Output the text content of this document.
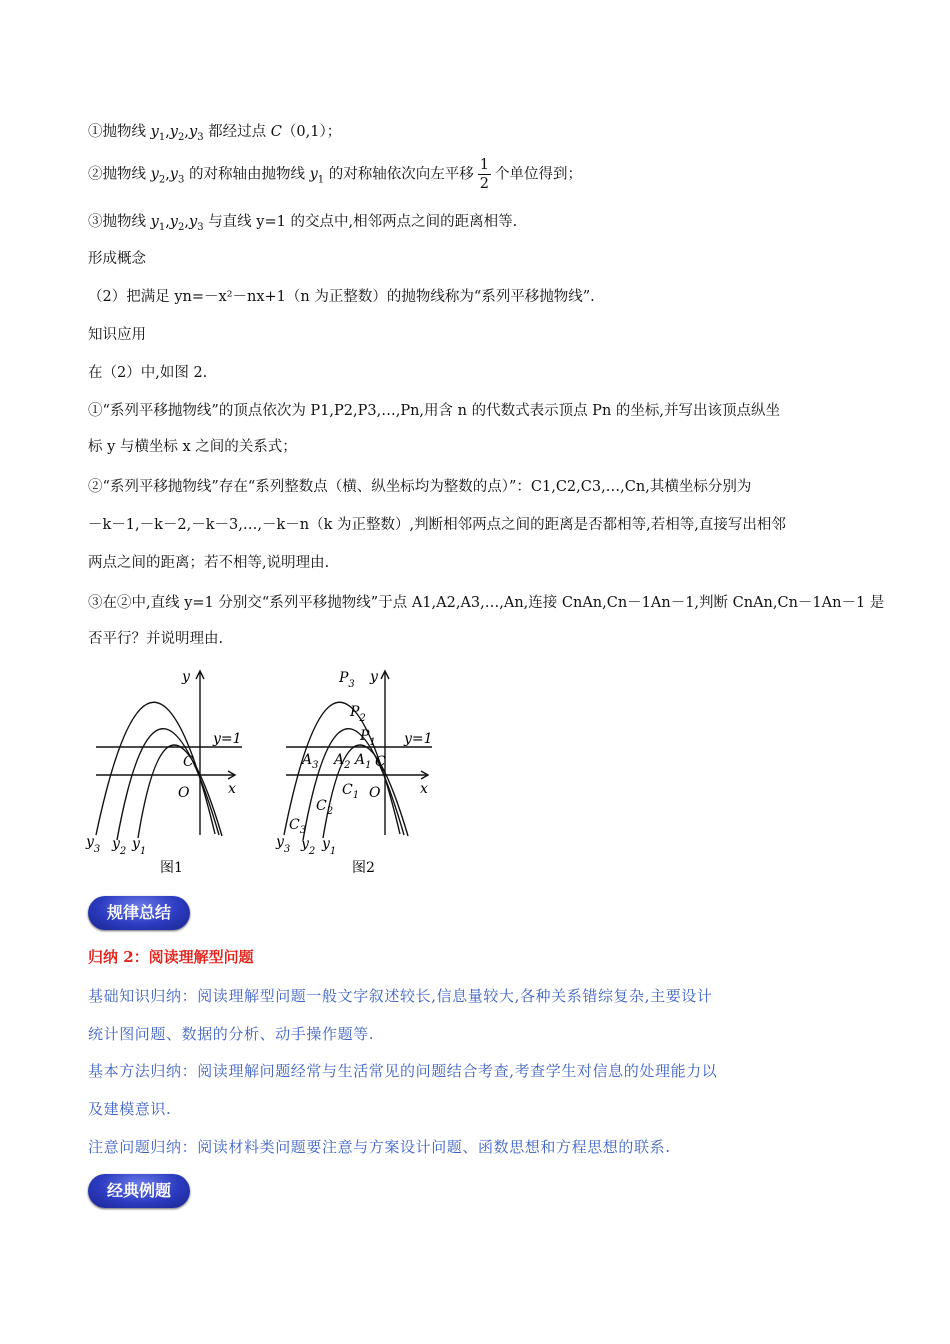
①抛物线 $y_1,y_2,y_3$ 都经过点 C（0,1）；
②抛物线 $y_2,y_3$ 的对称轴由抛物线 $y_1$ 的对称轴依次向左平移 $\frac{1}{2}$ 个单位得到；
③抛物线 $y_1,y_2,y_3$ 与直线 y=1 的交点中,相邻两点之间的距离相等.
形成概念
（2）把满足 yn=－x²－nx+1（n 为正整数）的抛物线称为“系列平移抛物线”.
知识应用
在（2）中,如图 2.
①“系列平移抛物线”的顶点依次为 P1,P2,P3,…,Pn,用含 n 的代数式表示顶点 Pn 的坐标,并写出该顶点纵坐
标 y 与横坐标 x 之间的关系式；
②“系列平移抛物线”存在“系列整数点（横、纵坐标均为整数的点）”：C1,C2,C3,…,Cn,其横坐标分别为
－k－1,－k－2,－k－3,…,－k－n（k 为正整数）,判断相邻两点之间的距离是否都相等,若相等,直接写出相邻
两点之间的距离；若不相等,说明理由.
③在②中,直线 y=1 分别交“系列平移抛物线”于点 A1,A2,A3,…,An,连接 CnAn,Cn－1An－1,判断 CnAn,Cn－1An－1 是
否平行？并说明理由.
y
x
O
C
y=1
$y_3$ $y_2$ $y_1$
图1
y
x
O
C
y=1
$P_3$
$P_2$
$P_1$
$A_3$ $A_2$ $A_1$
$C_1$
$C_2$
$C_3$
$y_3$ $y_2$ $y_1$
图2
规律总结
归纳 2：阅读理解型问题
基础知识归纳：阅读理解型问题一般文字叙述较长,信息量较大,各种关系错综复杂,主要设计
统计图问题、数据的分析、动手操作题等.
基本方法归纳：阅读理解问题经常与生活常见的问题结合考查,考查学生对信息的处理能力以
及建模意识.
注意问题归纳：阅读材料类问题要注意与方案设计问题、函数思想和方程思想的联系.
经典例题
